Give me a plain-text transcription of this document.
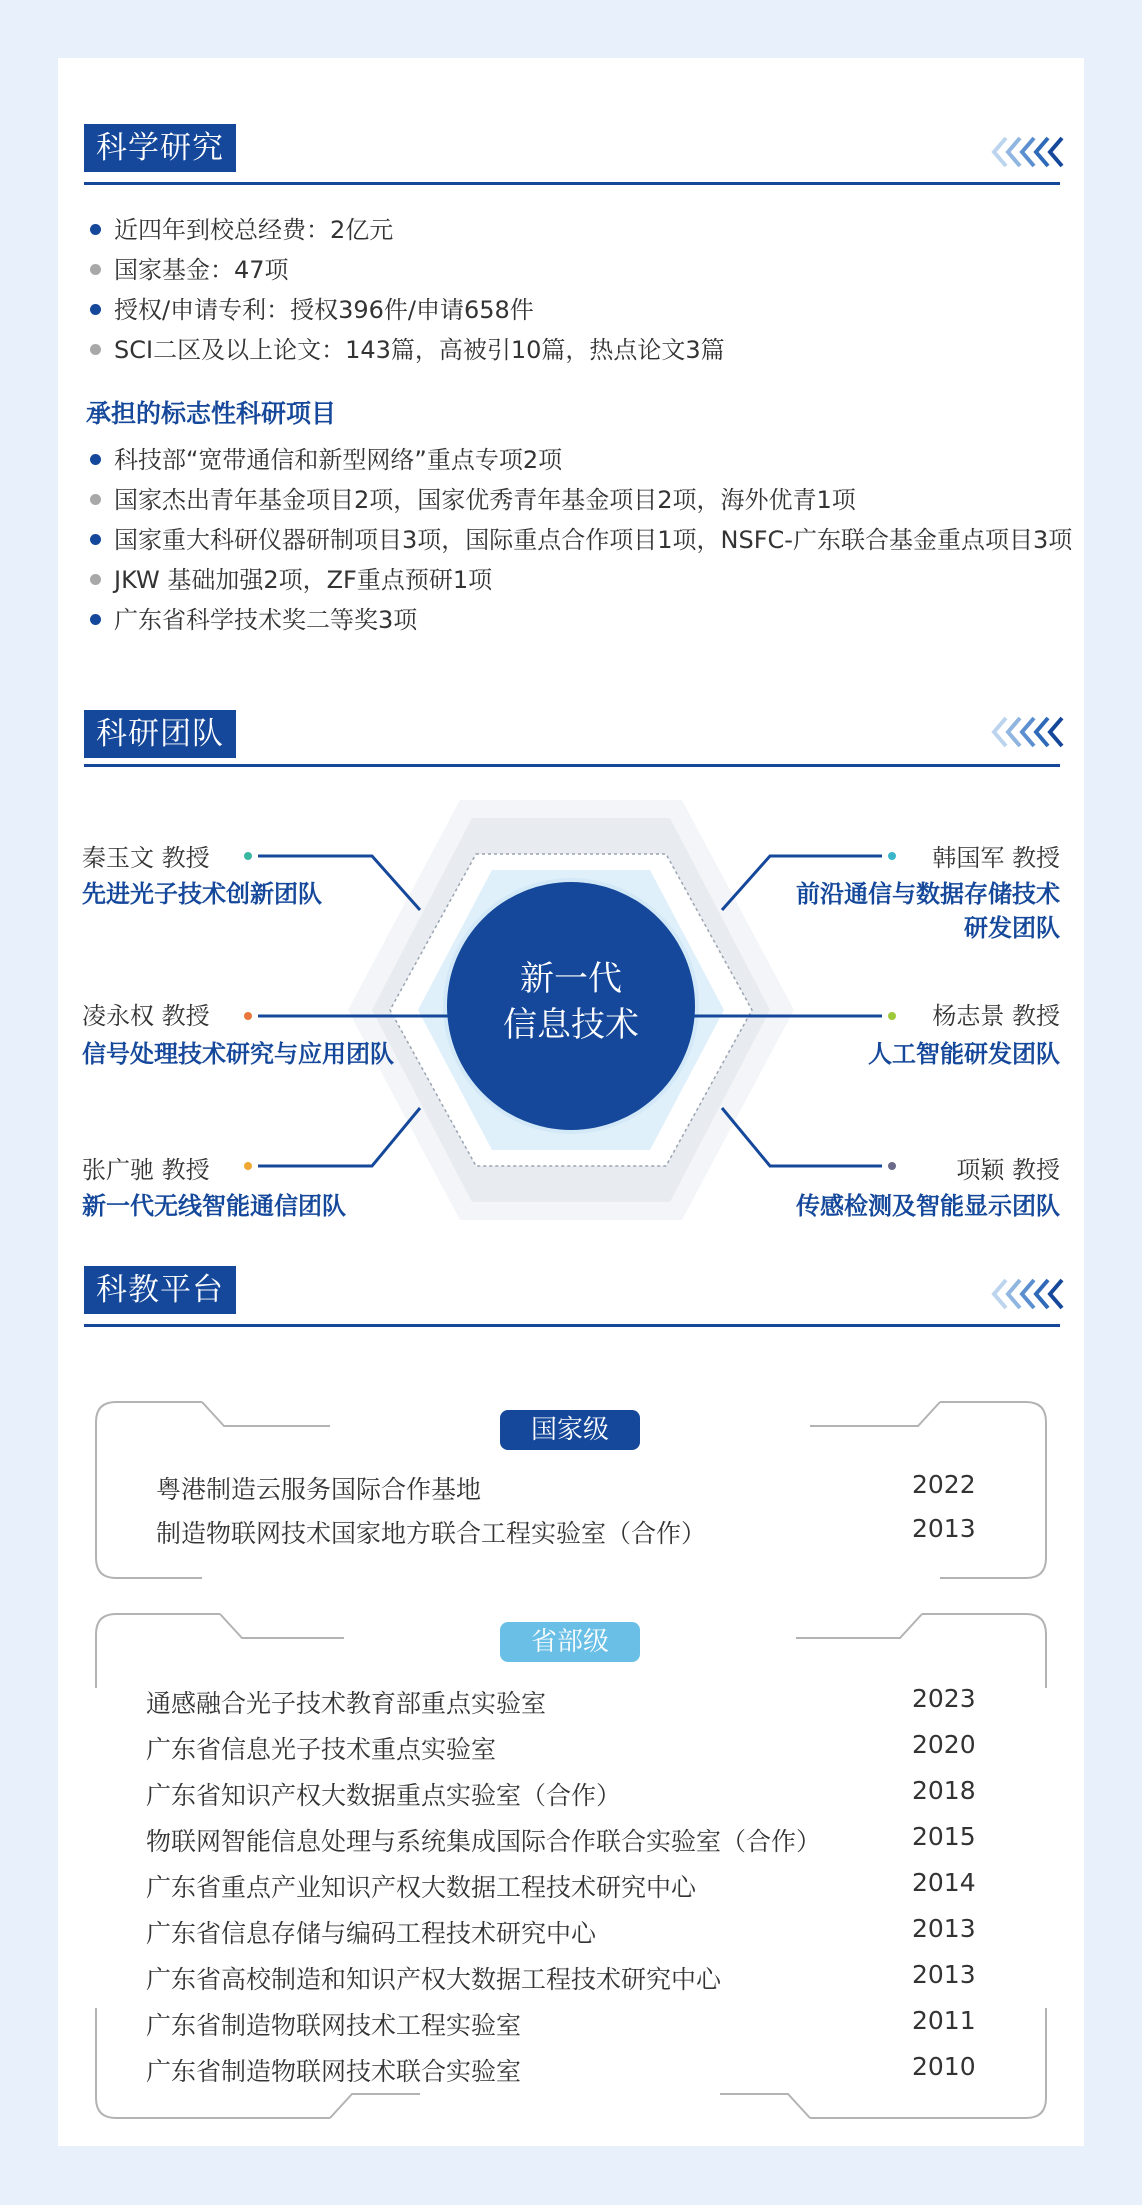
科学研究
近四年到校总经费：2亿元
国家基金：47项
授权/申请专利：授权396件/申请658件
SCI二区及以上论文：143篇，高被引10篇，热点论文3篇
承担的标志性科研项目
科技部“宽带通信和新型网络”重点专项2项
国家杰出青年基金项目2项，国家优秀青年基金项目2项，海外优青1项
国家重大科研仪器研制项目3项，国际重点合作项目1项，NSFC-广东联合基金重点项目3项
JKW 基础加强2项，ZF重点预研1项
广东省科学技术奖二等奖3项
科研团队
新一代
信息技术
秦玉文 教授
先进光子技术创新团队
凌永权 教授
信号处理技术研究与应用团队
张广驰 教授
新一代无线智能通信团队
韩国军 教授
前沿通信与数据存储技术
研发团队
杨志景 教授
人工智能研发团队
项颖 教授
传感检测及智能显示团队
科教平台
国家级
粤港制造云服务国际合作基地	2022
制造物联网技术国家地方联合工程实验室（合作）	2013
省部级
通感融合光子技术教育部重点实验室	2023
广东省信息光子技术重点实验室	2020
广东省知识产权大数据重点实验室（合作）	2018
物联网智能信息处理与系统集成国际合作联合实验室（合作）	2015
广东省重点产业知识产权大数据工程技术研究中心	2014
广东省信息存储与编码工程技术研究中心	2013
广东省高校制造和知识产权大数据工程技术研究中心	2013
广东省制造物联网技术工程实验室	2011
广东省制造物联网技术联合实验室	2010
